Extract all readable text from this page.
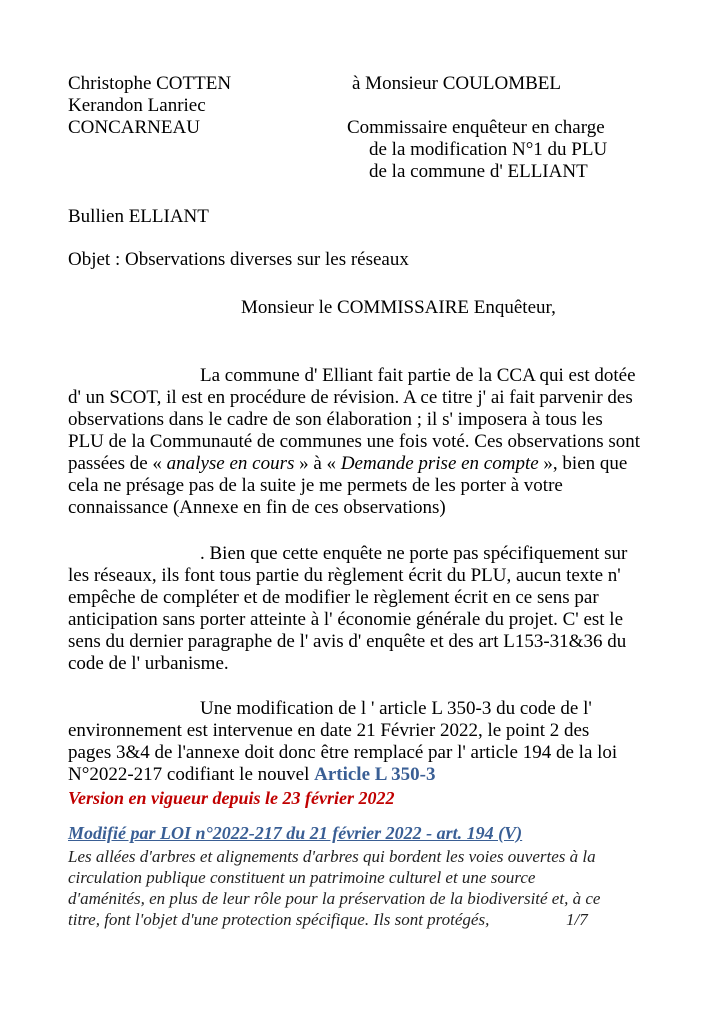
Christophe COTTEN
Kerandon Lanriec
CONCARNEAU
à Monsieur COULOMBEL
Commissaire enquêteur en charge
de la modification N°1 du PLU
de la commune d' ELLIANT
Bullien ELLIANT
Objet : Observations diverses sur les réseaux
Monsieur le COMMISSAIRE Enquêteur,
La commune d' Elliant fait partie de la CCA qui est dotée
d' un SCOT, il est en procédure de révision. A ce titre j' ai fait parvenir des
observations dans le cadre de son élaboration ; il s' imposera à tous les
PLU de la Communauté de communes une fois voté. Ces observations sont
passées de « analyse en cours » à « Demande prise en compte », bien que
cela ne présage pas de la suite je me permets de les porter à votre
connaissance (Annexe en fin de ces observations)
. Bien que cette enquête ne porte pas spécifiquement sur
les réseaux, ils font tous partie du règlement écrit du PLU, aucun texte n'
empêche de compléter et de modifier le règlement écrit en ce sens par
anticipation sans porter atteinte à l' économie générale du projet. C' est le
sens du dernier paragraphe de l' avis d' enquête et des art L153-31&36 du
code de l' urbanisme.
Une modification de l ' article L 350-3 du code de l'
environnement est intervenue en date 21 Février 2022, le point 2 des
pages 3&4 de l'annexe doit donc être remplacé par l' article 194 de la loi
N°2022-217 codifiant le nouvel Article L 350-3
Version en vigueur depuis le 23 février 2022
Modifié par LOI n°2022-217 du 21 février 2022 - art. 194 (V)
Les allées d'arbres et alignements d'arbres qui bordent les voies ouvertes à la
circulation publique constituent un patrimoine culturel et une source
d'aménités, en plus de leur rôle pour la préservation de la biodiversité et, à ce
titre, font l'objet d'une protection spécifique. Ils sont protégés,	1/7
